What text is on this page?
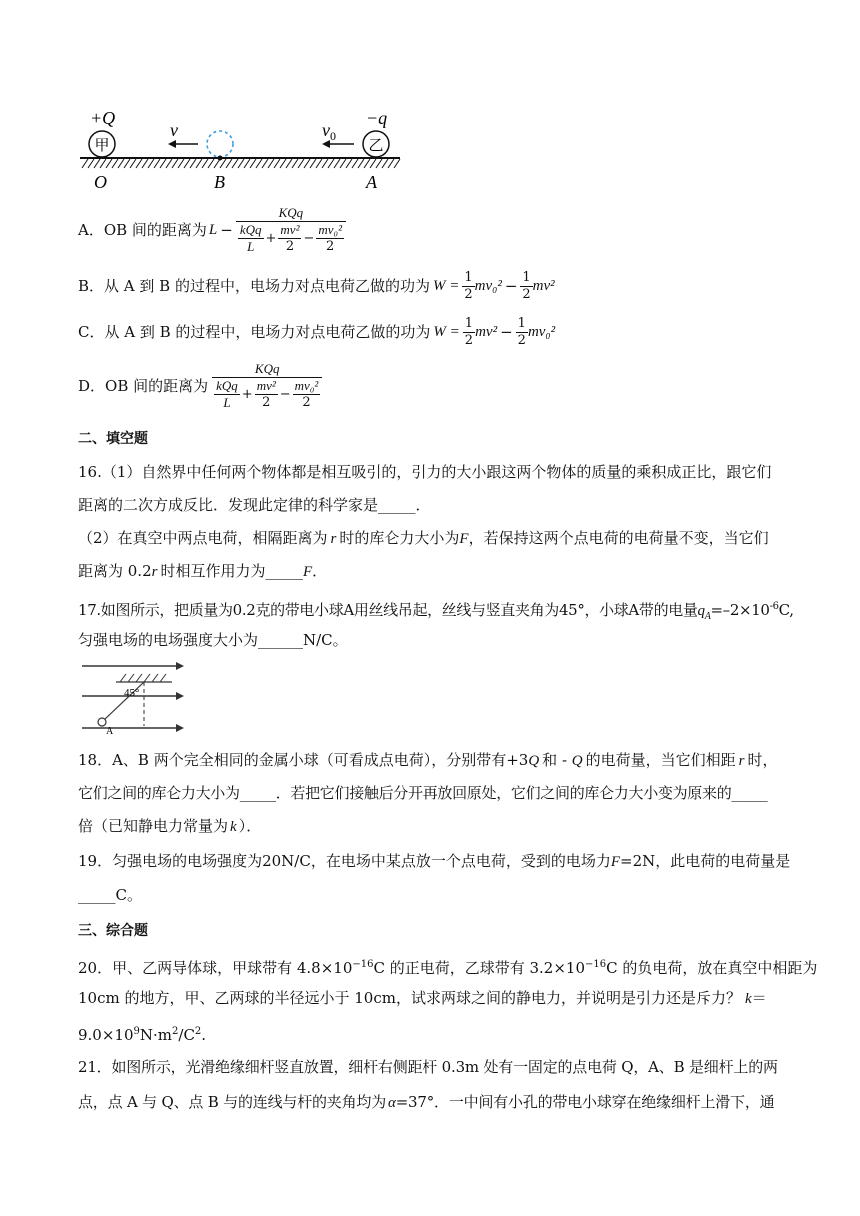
+Q	−q
甲	乙
v	$v_0$
O	B	A
A．OB 间的距离为 $L - \frac{\text{KQq}}{\frac{\text{kQq}}{L} + \frac{\text{mv²}}{2} - \frac{\text{mv₀²}}{2}}$
B．从 A 到 B 的过程中，电场力对点电荷乙做的功为 $W = \frac{1}{2} mv_0^2 - \frac{1}{2} mv^2$
C．从 A 到 B 的过程中，电场力对点电荷乙做的功为 $W = \frac{1}{2} mv^2 - \frac{1}{2} mv_0^2$
D．OB 间的距离为 $\frac{\text{KQq}}{\frac{\text{kQq}}{L} + \frac{\text{mv²}}{2} - \frac{\text{mv₀²}}{2}}$
二、填空题
16.（1）自然界中任何两个物体都是相互吸引的，引力的大小跟这两个物体的质量的乘积成正比，跟它们
距离的二次方成反比．发现此定律的科学家是_____．
（2）在真空中两点电荷，相隔距离为 r 时的库仑力大小为F，若保持这两个点电荷的电荷量不变，当它们
距离为 0.2r 时相互作用力为_____F．
17.如图所示，把质量为0.2克的带电小球A用丝线吊起，丝线与竖直夹角为45°，小球A带的电量$q_A=-2\times 10^{-6}C$,
匀强电场的电场强度大小为______N/C。
45°
A
18．A、B 两个完全相同的金属小球（可看成点电荷），分别带有+3Q 和 - Q 的电荷量，当它们相距 r 时，
它们之间的库仑力大小为_____．若把它们接触后分开再放回原处，它们之间的库仑力大小变为原来的_____
倍（已知静电力常量为 k ）．
19．匀强电场的电场强度为20N/C，在电场中某点放一个点电荷，受到的电场力F=2N，此电荷的电荷量是
_____C。
三、综合题
20．甲、乙两导体球，甲球带有 $4.8\times 10^{-16}C$ 的正电荷，乙球带有 $3.2\times 10^{-16}C$ 的负电荷，放在真空中相距为
10cm 的地方，甲、乙两球的半径远小于 10cm，试求两球之间的静电力，并说明是引力还是斥力？ k＝
$9.0\times 10^9N\cdot m^2/C^2$.
21．如图所示，光滑绝缘细杆竖直放置，细杆右侧距杆 0.3m 处有一固定的点电荷 Q，A、B 是细杆上的两
点，点 A 与 Q、点 B 与的连线与杆的夹角均为 α=37°．一中间有小孔的带电小球穿在绝缘细杆上滑下，通
